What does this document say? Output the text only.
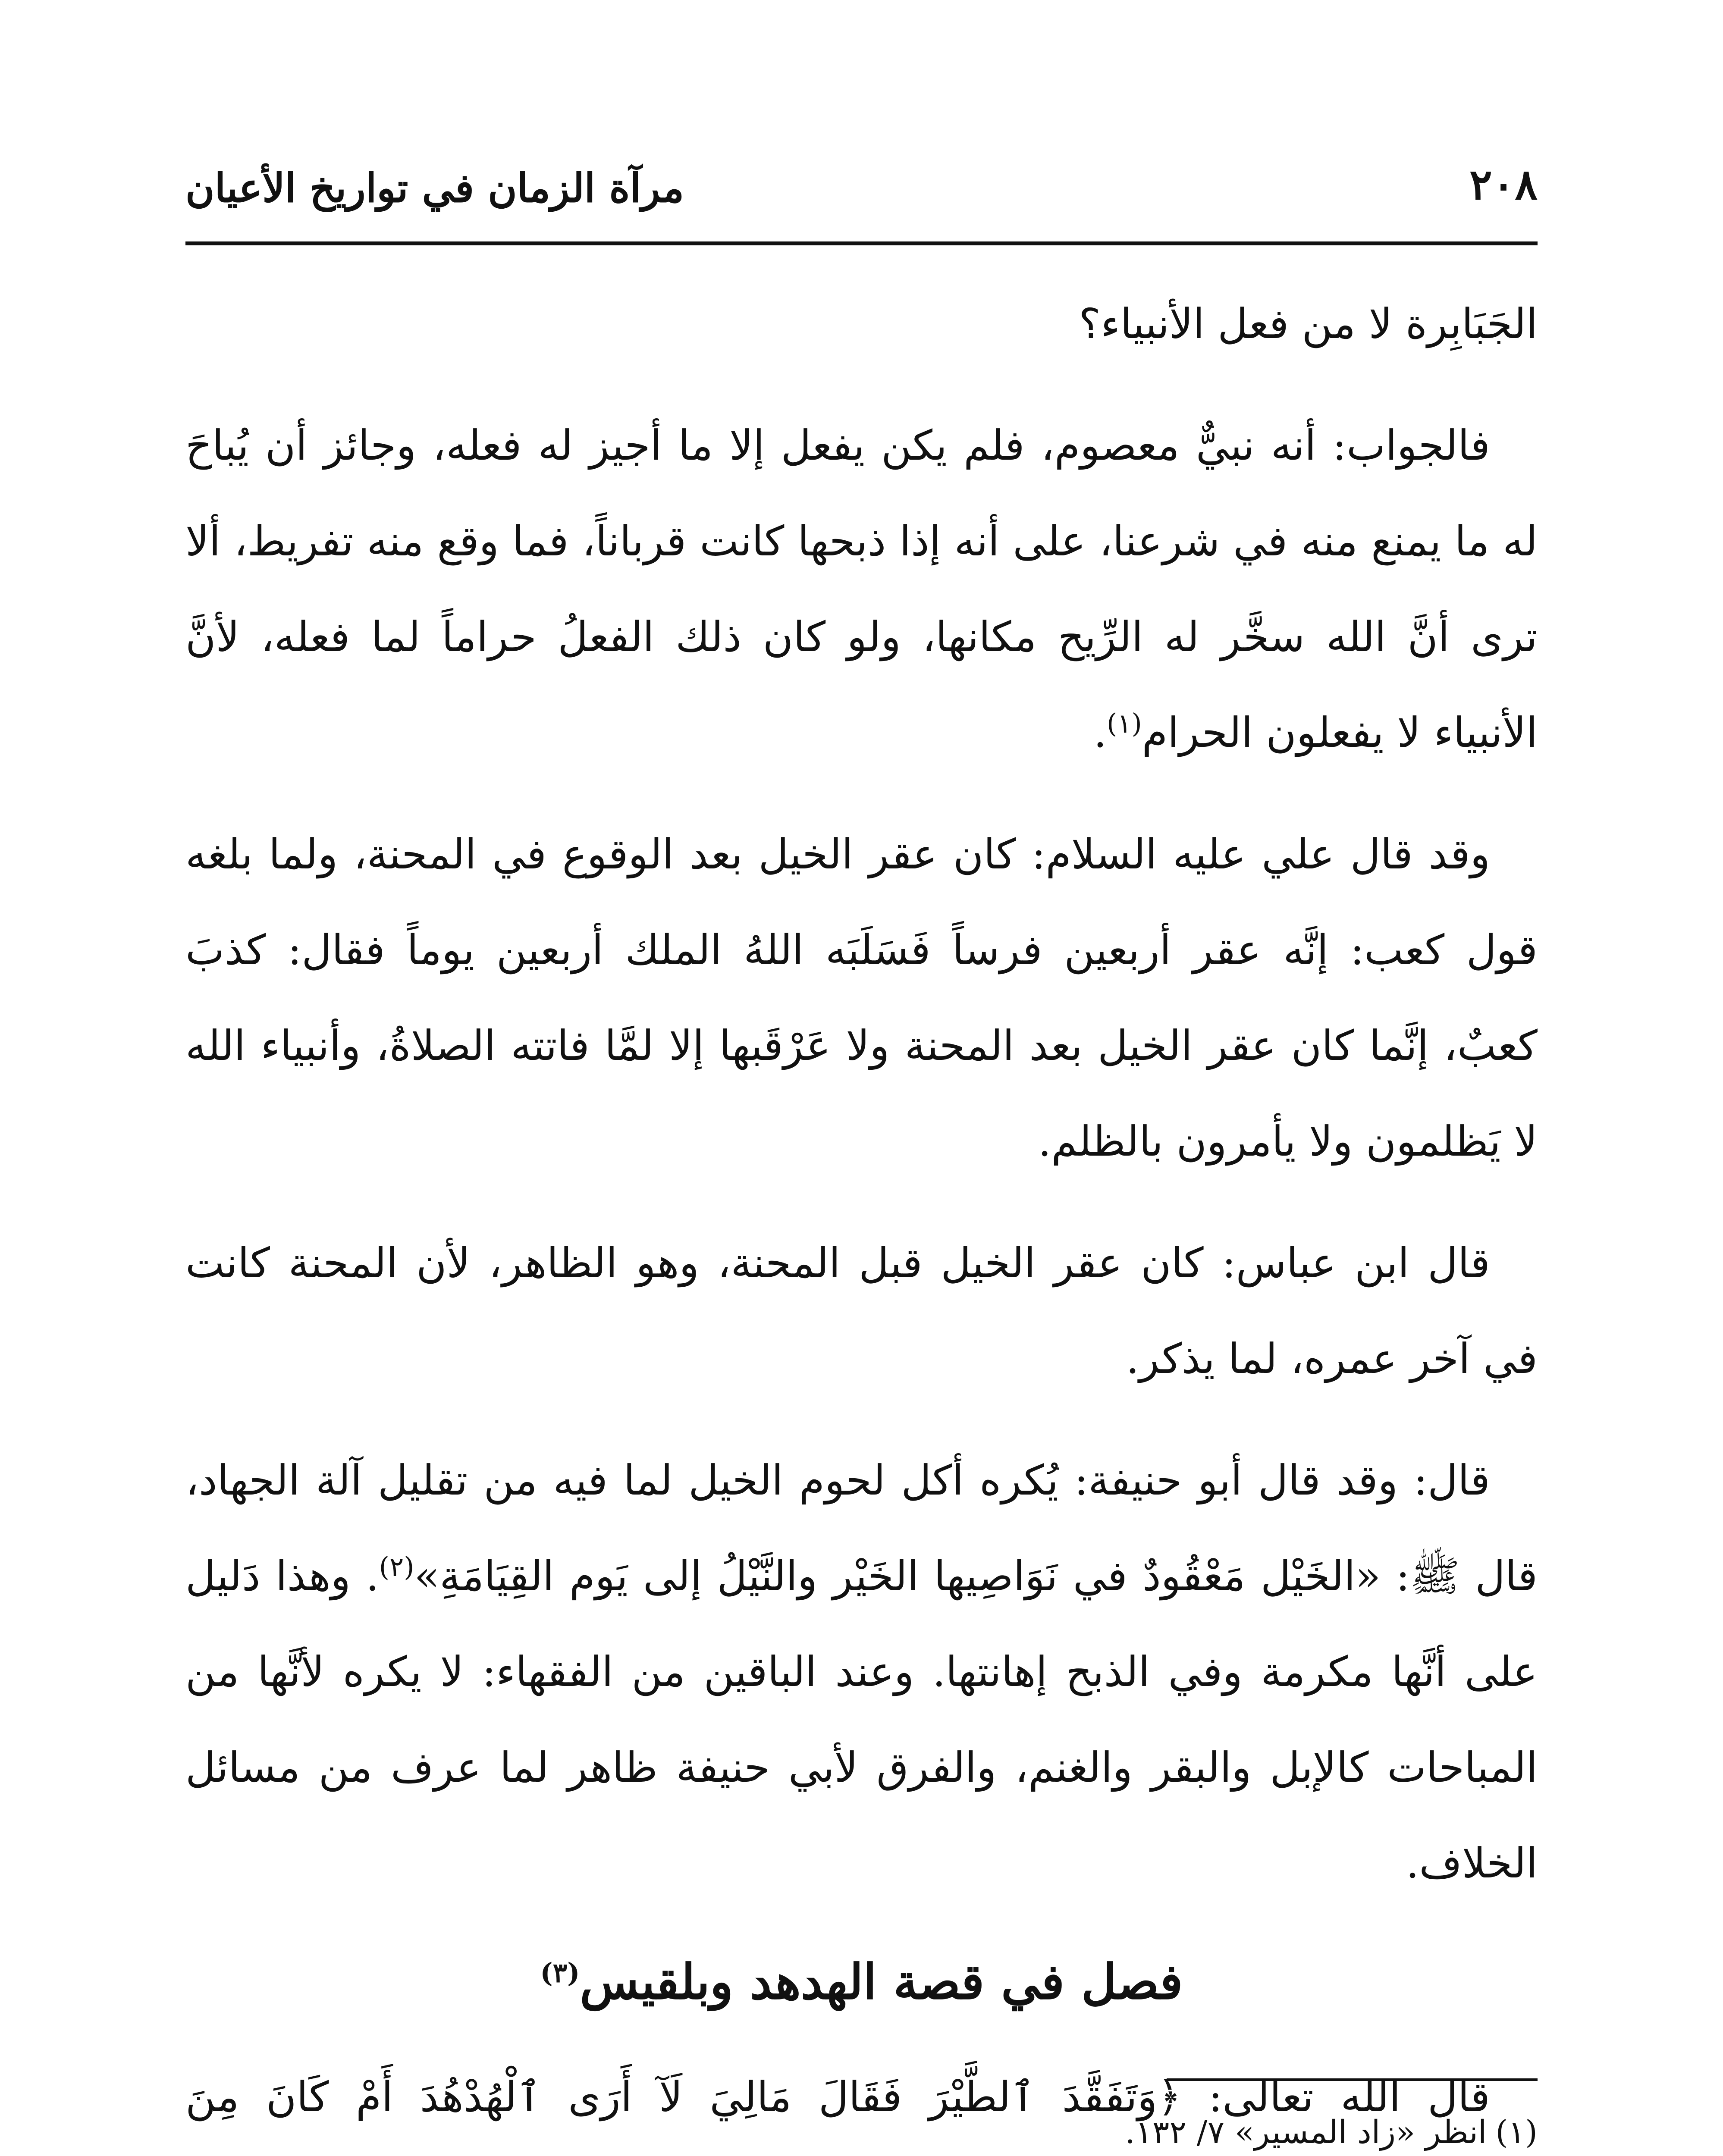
٢٠٨
مرآة الزمان في تواريخ الأعيان

الجَبَابِرة لا من فعل الأنبياء؟

فالجواب: أنه نبيٌّ معصوم، فلم يكن يفعل إلا ما أجيز له فعله، وجائز أن يُباحَ له ما يمنع منه في شرعنا، على أنه إذا ذبحها كانت قرباناً، فما وقع منه تفريط، ألا ترى أنَّ الله سخَّر له الرِّيح مكانها، ولو كان ذلك الفعلُ حراماً لما فعله، لأنَّ الأنبياء لا يفعلون الحرام$^{(١)}$.

وقد قال علي عليه السلام: كان عقر الخيل بعد الوقوع في المحنة، ولما بلغه قول كعب: إنَّه عقر أربعين فرساً فَسَلَبَه اللهُ الملك أربعين يوماً فقال: كذبَ كعبٌ، إنَّما كان عقر الخيل بعد المحنة ولا عَرْقَبها إلا لمَّا فاتته الصلاةُ، وأنبياء الله لا يَظلمون ولا يأمرون بالظلم.

قال ابن عباس: كان عقر الخيل قبل المحنة، وهو الظاهر، لأن المحنة كانت في آخر عمره، لما يذكر.

قال: وقد قال أبو حنيفة: يُكره أكل لحوم الخيل لما فيه من تقليل آلة الجهاد، قال ﷺ: «الخَيْل مَعْقُودٌ في نَوَاصِيها الخَيْر والنَّيْلُ إلى يَوم القِيَامَةِ»$^{(٢)}$. وهذا دَليل على أنَّها مكرمة وفي الذبح إهانتها. وعند الباقين من الفقهاء: لا يكره لأنَّها من المباحات كالإبل والبقر والغنم، والفرق لأبي حنيفة ظاهر لما عرف من مسائل الخلاف.

فصل في قصة الهدهد وبلقيس$^{(٣)}$

قال الله تعالى: ﴿وَتَفَقَّدَ ٱلطَّيْرَ فَقَالَ مَالِيَ لَآ أَرَى ٱلْهُدْهُدَ أَمْ كَانَ مِنَ

(١)انظر «زاد المسير» ٧/ ١٣٢.
